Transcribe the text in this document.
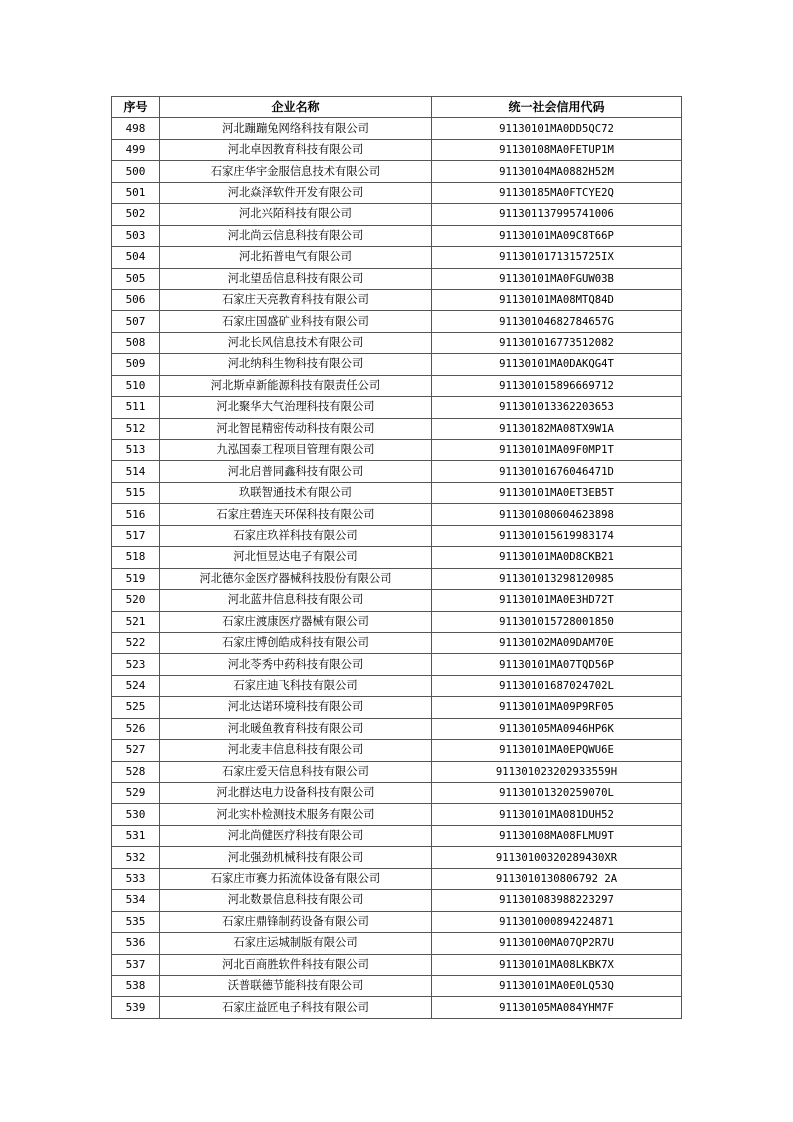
序号	企业名称	统一社会信用代码
498	河北蹦蹦兔网络科技有限公司	91130101MA0DD5QC72
499	河北卓因教育科技有限公司	91130108MA0FETUP1M
500	石家庄华宇金服信息技术有限公司	91130104MA0882H52M
501	河北焱泽软件开发有限公司	91130185MA0FTCYE2Q
502	河北兴陌科技有限公司	911301137995741006
503	河北尚云信息科技有限公司	91130101MA09C8T66P
504	河北拓普电气有限公司	9113010171315725IX
505	河北望岳信息科技有限公司	91130101MA0FGUW03B
506	石家庄天亮教育科技有限公司	91130101MA08MTQ84D
507	石家庄国盛矿业科技有限公司	91130104682784657G
508	河北长风信息技术有限公司	911301016773512082
509	河北纳科生物科技有限公司	91130101MA0DAKQG4T
510	河北斯卓新能源科技有限责任公司	911301015896669712
511	河北聚华大气治理科技有限公司	911301013362203653
512	河北智昆精密传动科技有限公司	91130182MA08TX9W1A
513	九泓国泰工程项目管理有限公司	91130101MA09F0MP1T
514	河北启普同鑫科技有限公司	91130101676046471D
515	玖联智通技术有限公司	91130101MA0ET3EB5T
516	石家庄碧连天环保科技有限公司	911301080604623898
517	石家庄玖祥科技有限公司	911301015619983174
518	河北恒昱达电子有限公司	91130101MA0D8CKB21
519	河北德尔金医疗器械科技股份有限公司	911301013298120985
520	河北蓝井信息科技有限公司	91130101MA0E3HD72T
521	石家庄渡康医疗器械有限公司	911301015728001850
522	石家庄博创皓成科技有限公司	91130102MA09DAM70E
523	河北苓秀中药科技有限公司	91130101MA07TQD56P
524	石家庄迪飞科技有限公司	91130101687024702L
525	河北达诺环境科技有限公司	91130101MA09P9RF05
526	河北暖鱼教育科技有限公司	91130105MA0946HP6K
527	河北麦丰信息科技有限公司	91130101MA0EPQWU6E
528	石家庄爱天信息科技有限公司	911301023202933559H
529	河北群达电力设备科技有限公司	91130101320259070L
530	河北实朴检测技术服务有限公司	91130101MA081DUH52
531	河北尚健医疗科技有限公司	91130108MA08FLMU9T
532	河北强劲机械科技有限公司	91130100320289430XR
533	石家庄市赛力拓流体设备有限公司	9113010130806792 2A
534	河北数景信息科技有限公司	911301083988223297
535	石家庄鼎锋制药设备有限公司	911301000894224871
536	石家庄运城制版有限公司	91130100MA07QP2R7U
537	河北百商胜软件科技有限公司	91130101MA08LKBK7X
538	沃普联德节能科技有限公司	91130101MA0E0LQ53Q
539	石家庄益匠电子科技有限公司	91130105MA084YHM7F
